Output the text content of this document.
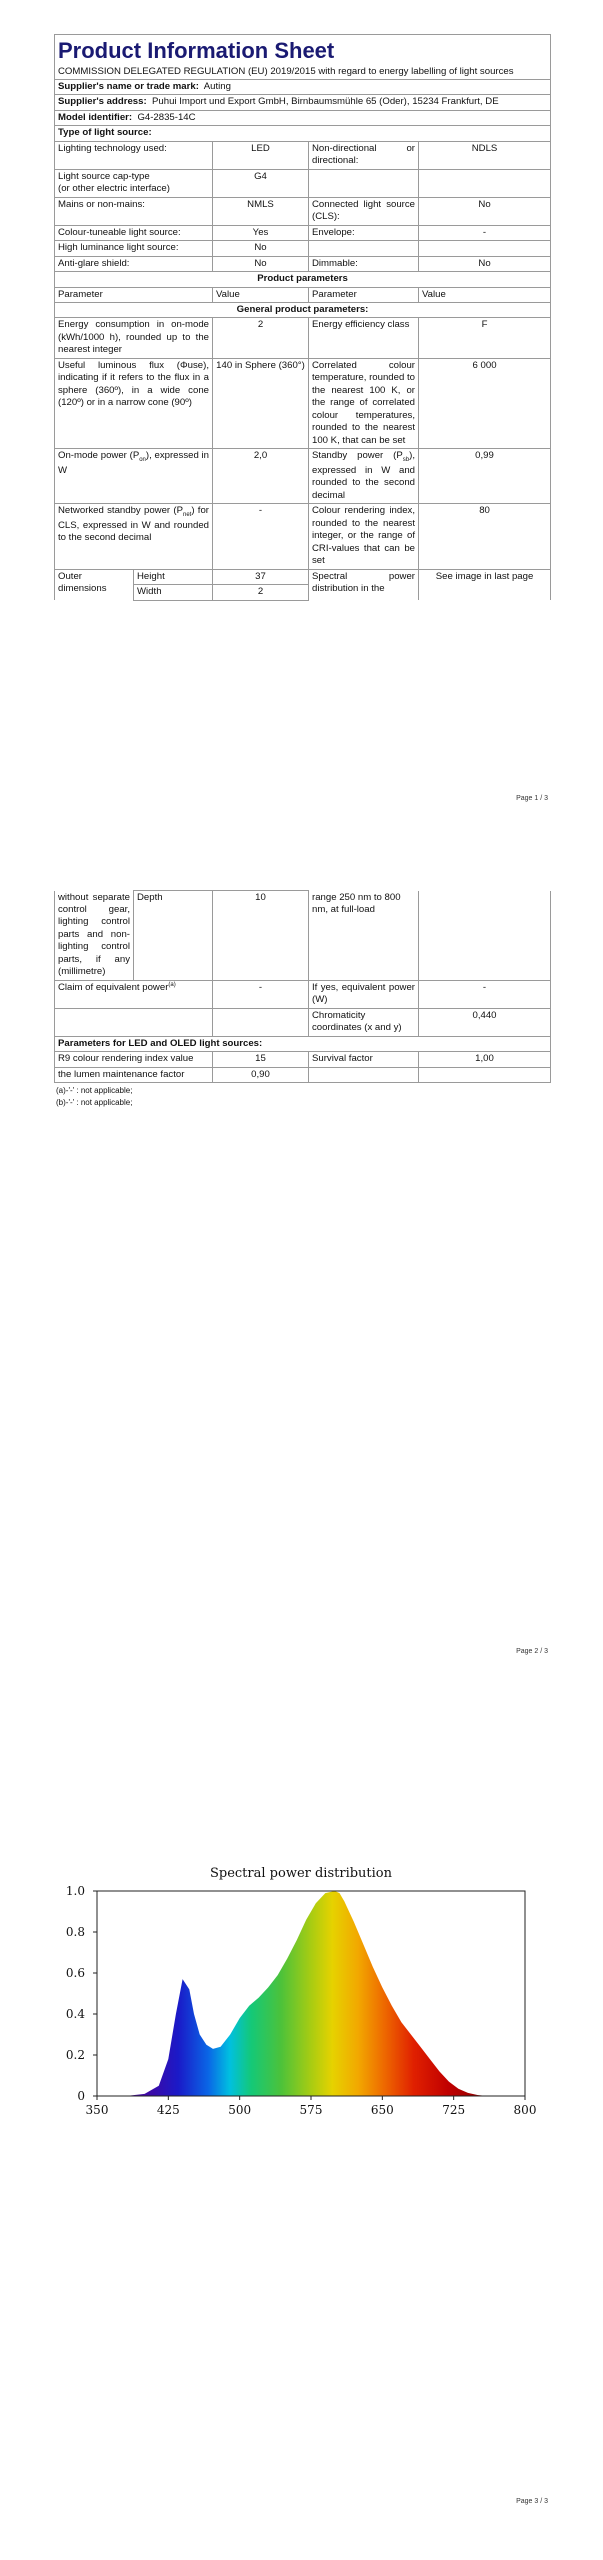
Product Information Sheet				
COMMISSION DELEGATED REGULATION (EU) 2019/2015 with regard to energy labelling of light sources				
Supplier's name or trade mark: Auting				
Supplier's address: Puhui Import und Export GmbH, Birnbaumsmühle 65 (Oder), 15234 Frankfurt, DE				
Model identifier: G4-2835-14C				
Type of light source:				
Lighting technology used:		LED	Non-directional or directional:	NDLS

Light source cap-type
(or other electric interface)		G4		
Mains or non-mains:		NMLS	Connected light source (CLS):	No
Colour-tuneable light source:		Yes	Envelope:	-
High luminance light source:		No		
Anti-glare shield:		No	Dimmable:	No
Product parameters				
Parameter		Value	Parameter	Value
General product parameters:				
Energy consumption in on-mode (kWh/1000 h), rounded up to the nearest integer		2	Energy efficiency class	F
Useful luminous flux (Φuse), indicating if it refers to the flux in a sphere (360º), in a wide cone (120º) or in a narrow cone (90º)		140 in Sphere (360°)	Correlated colour temperature, rounded to the nearest 100 K, or the range of correlated colour temperatures, rounded to the nearest 100 K, that can be set	6 000
On-mode power $(P_{on})$, expressed in W		2,0	Standby power $(P_{sb})$, expressed in W and rounded to the second decimal	0,99
Networked standby power $(P_{net})$ for CLS, expressed in W and rounded to the second decimal		-	Colour rendering index, rounded to the nearest integer, or the range of CRI-values that can be set	80
Outer dimensions	Height	37	Spectral power distribution in the	See image in last page
	Width	2		
Page 1 / 3
without separate control gear, lighting control parts and non-lighting control parts, if any (millimetre)	Depth	10	range 250 nm to 800 nm, at full-load	
Claim of equivalent power$^{(a)}$		-	If yes, equivalent power (W)	-
			Chromaticity coordinates (x and y)	0,440
Parameters for LED and OLED light sources:				
R9 colour rendering index value		15	Survival factor	1,00
the lumen maintenance factor		0,90		
(a)-'-' : not applicable;
(b)-'-' : not applicable;
Page 2 / 3
Spectral power distribution
350	425	500	575	650	725	800
0
0.2
0.4
0.6
0.8
1.0
Page 3 / 3
